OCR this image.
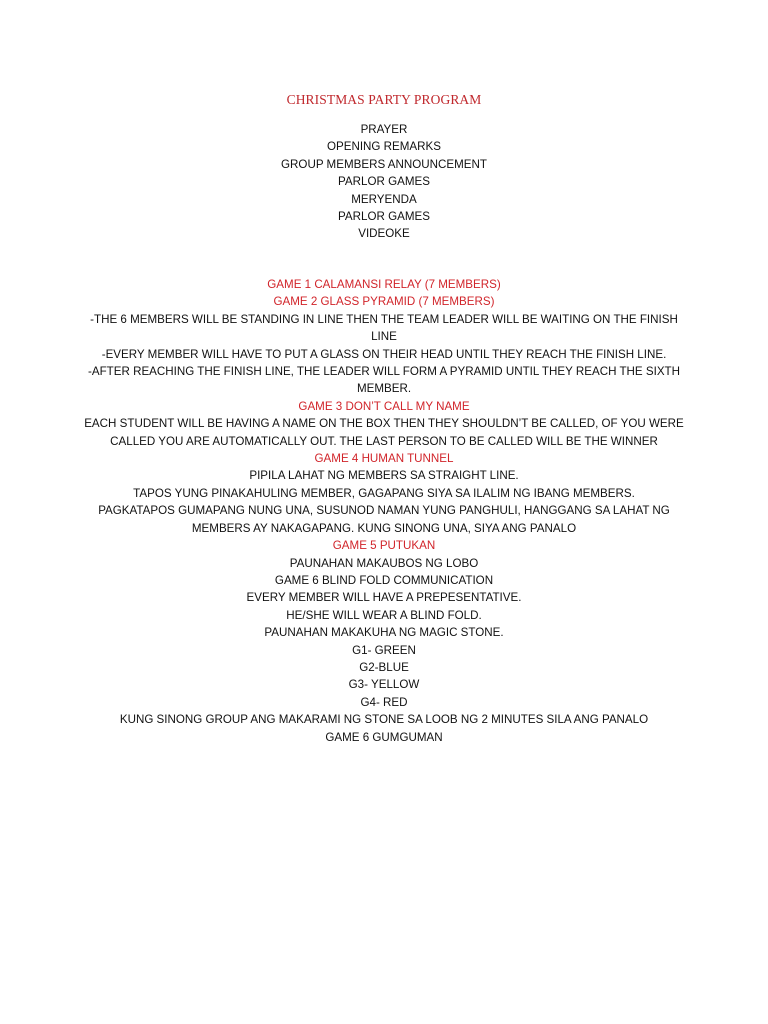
CHRISTMAS PARTY PROGRAM
PRAYER
OPENING REMARKS
GROUP MEMBERS ANNOUNCEMENT
PARLOR GAMES
MERYENDA
PARLOR GAMES
VIDEOKE
GAME 1 CALAMANSI RELAY (7 MEMBERS)
GAME 2 GLASS PYRAMID (7 MEMBERS)
-THE 6 MEMBERS WILL BE STANDING IN LINE THEN THE TEAM LEADER WILL BE WAITING ON THE FINISH LINE
-EVERY MEMBER WILL HAVE TO PUT A GLASS ON THEIR HEAD UNTIL THEY REACH THE FINISH LINE.
-AFTER REACHING THE FINISH LINE, THE LEADER WILL FORM A PYRAMID UNTIL THEY REACH THE SIXTH MEMBER.
GAME 3 DON’T CALL MY NAME
EACH STUDENT WILL BE HAVING A NAME ON THE BOX THEN THEY SHOULDN’T BE CALLED, OF YOU WERE CALLED YOU ARE AUTOMATICALLY OUT. THE LAST PERSON TO BE CALLED WILL BE THE WINNER
GAME 4 HUMAN TUNNEL
PIPILA LAHAT NG MEMBERS SA STRAIGHT LINE.
TAPOS YUNG PINAKAHULING MEMBER, GAGAPANG SIYA SA ILALIM NG IBANG MEMBERS.
PAGKATAPOS GUMAPANG NUNG UNA, SUSUNOD NAMAN YUNG PANGHULI, HANGGANG SA LAHAT NG MEMBERS AY NAKAGAPANG. KUNG SINONG UNA, SIYA ANG PANALO
GAME 5 PUTUKAN
PAUNAHAN MAKAUBOS NG LOBO
GAME 6 BLIND FOLD COMMUNICATION
EVERY MEMBER WILL HAVE A PREPESENTATIVE.
HE/SHE WILL WEAR A BLIND FOLD.
PAUNAHAN MAKAKUHA NG MAGIC STONE.
G1- GREEN
G2-BLUE
G3- YELLOW
G4- RED
KUNG SINONG GROUP ANG MAKARAMI NG STONE SA LOOB NG 2 MINUTES SILA ANG PANALO
GAME 6 GUMGUMAN
